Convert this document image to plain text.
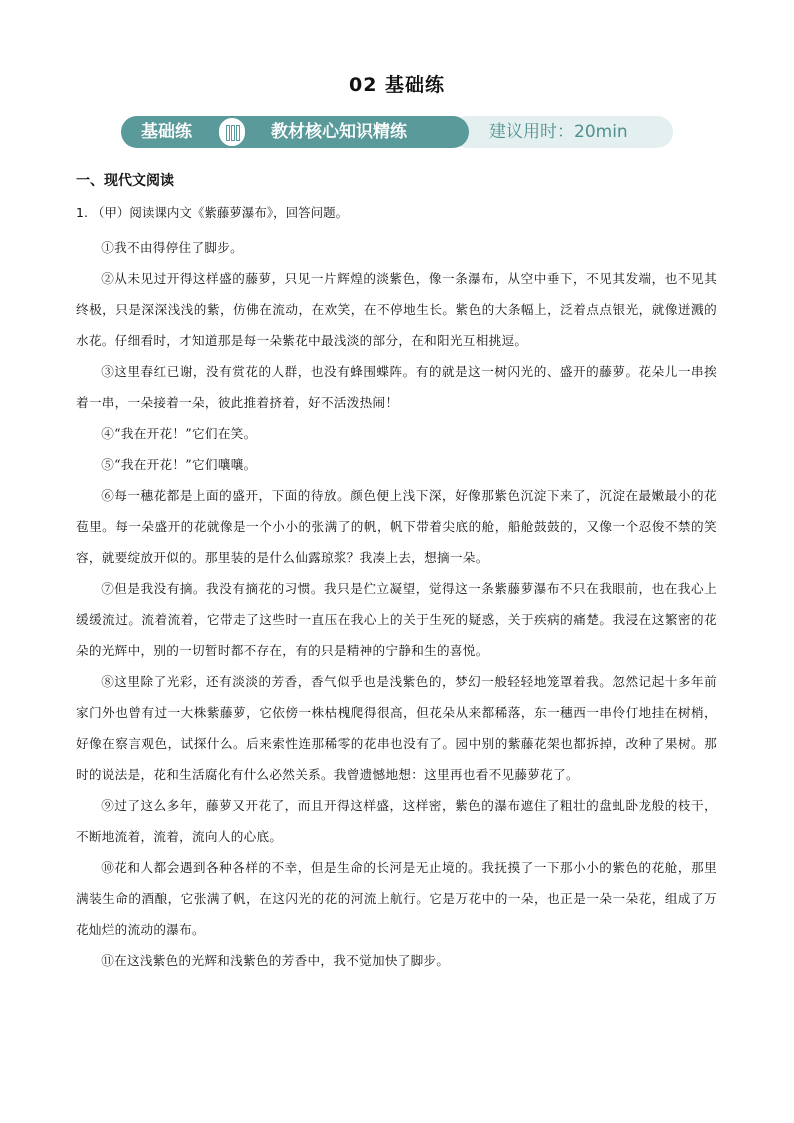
02 基础练
基础练	教材核心知识精练	建议用时：20min
一、现代文阅读
1. （甲）阅读课内文《紫藤萝瀑布》，回答问题。

①我不由得停住了脚步。

②从未见过开得这样盛的藤萝，只见一片辉煌的淡紫色，像一条瀑布，从空中垂下，不见其发端，也不见其终极，只是深深浅浅的紫，仿佛在流动，在欢笑，在不停地生长。紫色的大条幅上，泛着点点银光，就像迸溅的水花。仔细看时，才知道那是每一朵紫花中最浅淡的部分，在和阳光互相挑逗。

③这里春红已谢，没有赏花的人群，也没有蜂围蝶阵。有的就是这一树闪光的、盛开的藤萝。花朵儿一串挨着一串，一朵接着一朵，彼此推着挤着，好不活泼热闹！

④“我在开花！”它们在笑。

⑤“我在开花！”它们嚷嚷。

⑥每一穗花都是上面的盛开，下面的待放。颜色便上浅下深，好像那紫色沉淀下来了，沉淀在最嫩最小的花苞里。每一朵盛开的花就像是一个小小的张满了的帆，帆下带着尖底的舱，船舱鼓鼓的，又像一个忍俊不禁的笑容，就要绽放开似的。那里装的是什么仙露琼浆？我凑上去，想摘一朵。

⑦但是我没有摘。我没有摘花的习惯。我只是伫立凝望，觉得这一条紫藤萝瀑布不只在我眼前，也在我心上缓缓流过。流着流着，它带走了这些时一直压在我心上的关于生死的疑惑，关于疾病的痛楚。我浸在这繁密的花朵的光辉中，别的一切暂时都不存在，有的只是精神的宁静和生的喜悦。

⑧这里除了光彩，还有淡淡的芳香，香气似乎也是浅紫色的，梦幻一般轻轻地笼罩着我。忽然记起十多年前家门外也曾有过一大株紫藤萝，它依傍一株枯槐爬得很高，但花朵从来都稀落，东一穗西一串伶仃地挂在树梢，好像在察言观色，试探什么。后来索性连那稀零的花串也没有了。园中别的紫藤花架也都拆掉，改种了果树。那时的说法是，花和生活腐化有什么必然关系。我曾遗憾地想：这里再也看不见藤萝花了。

⑨过了这么多年，藤萝又开花了，而且开得这样盛，这样密，紫色的瀑布遮住了粗壮的盘虬卧龙般的枝干，不断地流着，流着，流向人的心底。

⑩花和人都会遇到各种各样的不幸，但是生命的长河是无止境的。我抚摸了一下那小小的紫色的花舱，那里满装生命的酒酿，它张满了帆，在这闪光的花的河流上航行。它是万花中的一朵，也正是一朵一朵花，组成了万花灿烂的流动的瀑布。

⑪在这浅紫色的光辉和浅紫色的芳香中，我不觉加快了脚步。
